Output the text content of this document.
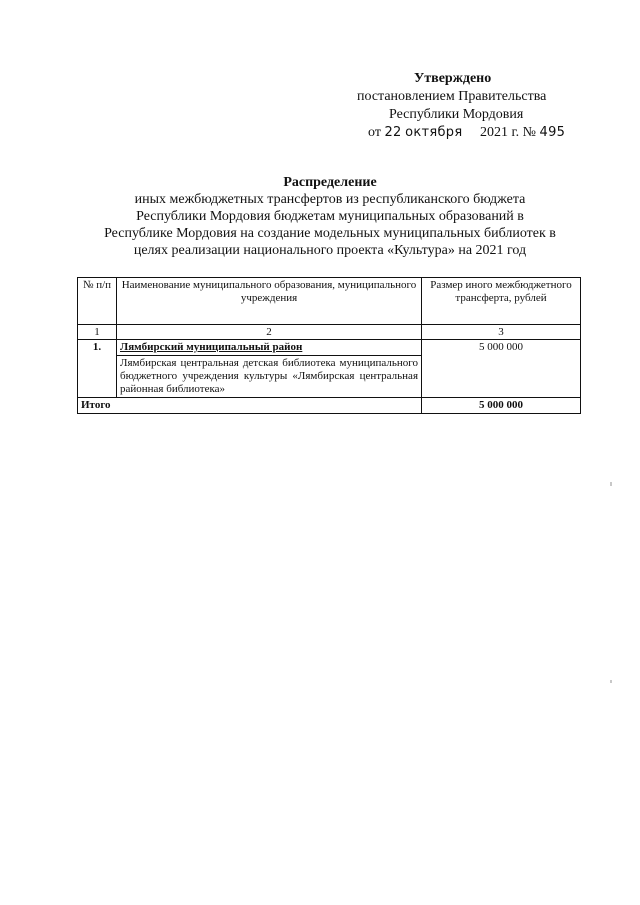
Утверждено
постановлением Правительства
Республики Мордовия
от 22 октября 2021 г. № 495
Распределение
иных межбюджетных трансфертов из республиканского бюджета
Республики Мордовия бюджетам муниципальных образований в
Республике Мордовия на создание модельных муниципальных библиотек в
целях реализации национального проекта «Культура» на 2021 год
№ п/п	Наименование муниципального образования, муниципального учреждения	Размер иного межбюджетного трансферта, рублей
1	2	3
1.	Лямбирский муниципальный район	5 000 000
	Лямбирская центральная детская библиотека муниципального бюджетного учреждения культуры «Лямбирская центральная районная библиотека»	
Итого		5 000 000
